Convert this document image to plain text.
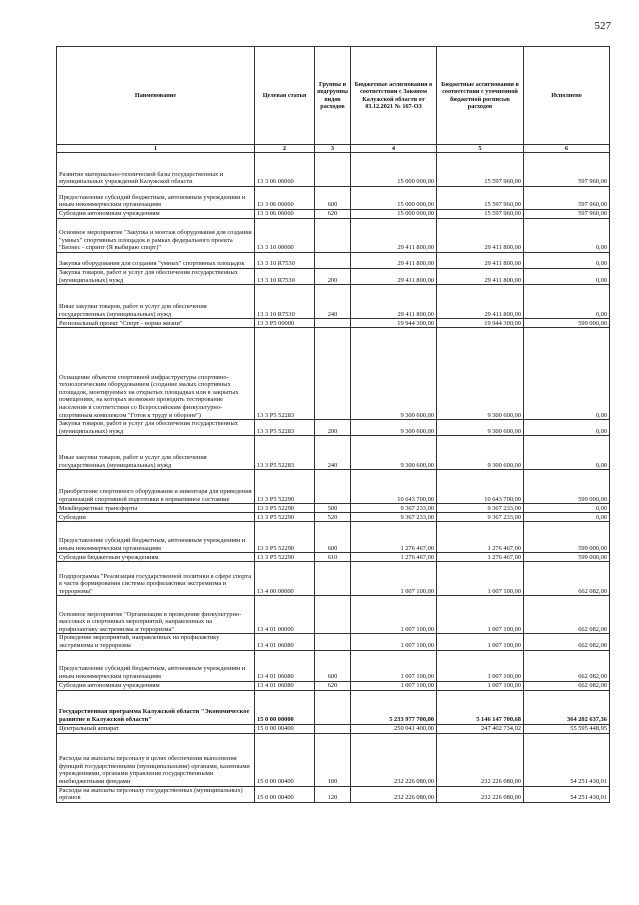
527
Наименование	Целевая статья	Группы и подгруппы видов расходов	Бюджетные ассигнования в соответствии с Законом Калужской области от 03.12.2021 № 167-ОЗ	Бюджетные ассигнования в соответствии с уточненной бюджетной росписью расходов	Исполнено
1	2	3	4	5	6
Развитие материально-технической базы государственных и муниципальных учреждений Калужской области	13 3 06 06060		15 000 000,00	15 597 960,00	597 960,00
Предоставление субсидий бюджетным, автономным учреждениям и иным некоммерческим организациям	13 3 06 06060	600	15 000 000,00	15 597 960,00	597 960,00
Субсидии автономным учреждениям	13 3 06 06060	620	15 000 000,00	15 597 960,00	597 960,00
Основное мероприятие "Закупка и монтаж оборудования для создания "умных" спортивных площадок в рамках федерального проекта "Бизнес - спринт (Я выбираю спорт)"	13 3 10 00000		29 411 800,00	29 411 800,00	0,00
Закупка оборудования для создания "умных" спортивных площадок	13 3 10 R7530		29 411 800,00	29 411 800,00	0,00
Закупка товаров, работ и услуг для обеспечения государственных (муниципальных) нужд	13 3 10 R7530	200	29 411 800,00	29 411 800,00	0,00
Иные закупки товаров, работ и услуг для обеспечения государственных (муниципальных) нужд	13 3 10 R7530	240	29 411 800,00	29 411 800,00	0,00
Региональный проект "Спорт - норма жизни"	13 3 P5 00000		19 944 300,00	19 944 300,00	599 000,00
Оснащение объектов спортивной инфраструктуры спортивно-технологическим оборудованием (создание малых спортивных площадок, монтируемых на открытых площадках или в закрытых помещениях, на которых возможно проводить тестирование населения в соответствии со Всероссийским физкультурно-спортивным комплексом "Готов к труду и обороне")	13 3 P5 52283		9 300 600,00	9 300 600,00	0,00
Закупка товаров, работ и услуг для обеспечения государственных (муниципальных) нужд	13 3 P5 52283	200	9 300 600,00	9 300 600,00	0,00
Иные закупки товаров, работ и услуг для обеспечения государственных (муниципальных) нужд	13 3 P5 52283	240	9 300 600,00	9 300 600,00	0,00
Приобретение спортивного оборудования и инвентаря для приведения организаций спортивной подготовки в нормативное состояние	13 3 P5 52290		10 643 700,00	10 643 700,00	599 000,00
Межбюджетные трансферты	13 3 P5 52290	500	9 367 233,00	9 367 233,00	0,00
Субсидии	13 3 P5 52290	520	9 367 233,00	9 367 233,00	0,00
Предоставление субсидий бюджетным, автономным учреждениям и иным некоммерческим организациям	13 3 P5 52290	600	1 276 467,00	1 276 467,00	599 000,00
Субсидии бюджетным учреждениям	13 3 P5 52290	610	1 276 467,00	1 276 467,00	599 000,00
Подпрограмма "Реализация государственной политики в сфере спорта в части формирования системы профилактики экстремизма и терроризма"	13 4 00 00000		1 007 100,00	1 007 100,00	662 082,00
Основное мероприятие "Организация и проведение физкультурно-массовых и спортивных мероприятий, направленных на профилактику экстремизма и терроризма"	13 4 01 00000		1 007 100,00	1 007 100,00	662 082,00
Проведение мероприятий, направленных на профилактику экстремизма и терроризма	13 4 01 06080		1 007 100,00	1 007 100,00	662 082,00
Предоставление субсидий бюджетным, автономным учреждениям и иным некоммерческим организациям	13 4 01 06080	600	1 007 100,00	1 007 100,00	662 082,00
Субсидии автономным учреждениям	13 4 01 06080	620	1 007 100,00	1 007 100,00	662 082,00
Государственная программа Калужской области "Экономическое развитие в Калужской области"	15 0 00 00000		5 233 977 700,00	5 146 147 700,68	364 202 637,36
Центральный аппарат	15 0 00 00400		250 041 400,00	247 402 734,02	55 595 448,95
Расходы на выплаты персоналу в целях обеспечения выполнения функций государственными (муниципальными) органами, казенными учреждениями, органами управления государственными внебюджетными фондами	15 0 00 00400	100	232 226 080,00	232 226 080,00	54 251 430,01
Расходы на выплаты персоналу государственных (муниципальных) органов	15 0 00 00400	120	232 226 080,00	232 226 080,00	54 251 430,01
